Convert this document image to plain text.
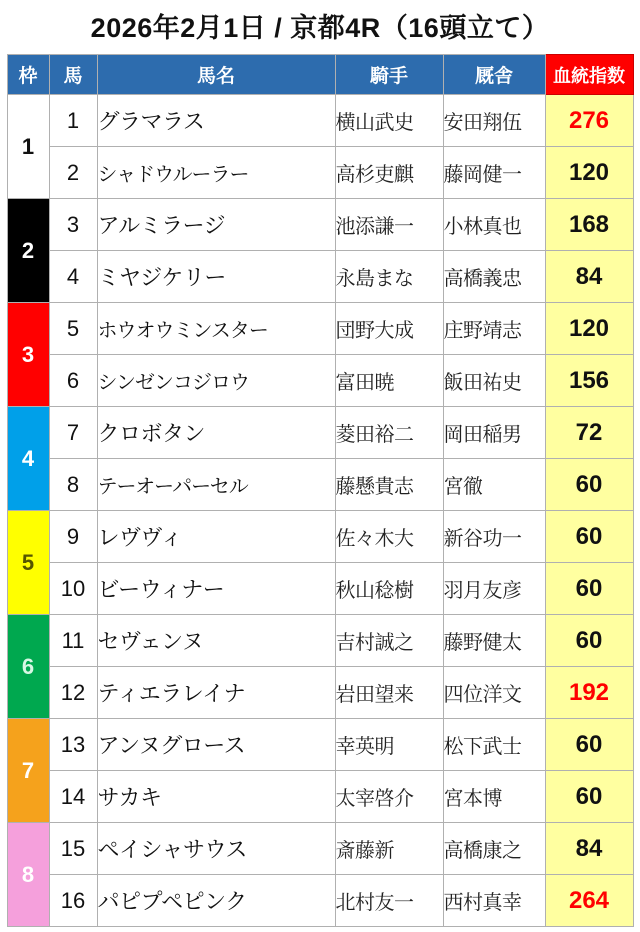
2026年2月1日 / 京都4R（16頭立て）
枠	馬	馬名	騎手	厩舎	血統指数
1	1	グラマラス	横山武史	安田翔伍	276
	2	シャドウルーラー	高杉吏麒	藤岡健一	120
2	3	アルミラージ	池添謙一	小林真也	168
	4	ミヤジケリー	永島まな	高橋義忠	84
3	5	ホウオウミンスター	団野大成	庄野靖志	120
	6	シンゼンコジロウ	富田暁	飯田祐史	156
4	7	クロボタン	菱田裕二	岡田稲男	72
	8	テーオーパーセル	藤懸貴志	宮徹	60
5	9	レヴヴィ	佐々木大	新谷功一	60
	10	ビーウィナー	秋山稔樹	羽月友彦	60
6	11	セヴェンヌ	吉村誠之	藤野健太	60
	12	ティエラレイナ	岩田望来	四位洋文	192
7	13	アンヌグロース	幸英明	松下武士	60
	14	サカキ	太宰啓介	宮本博	60
8	15	ペイシャサウス	斎藤新	高橋康之	84
	16	パピプペピンク	北村友一	西村真幸	264
